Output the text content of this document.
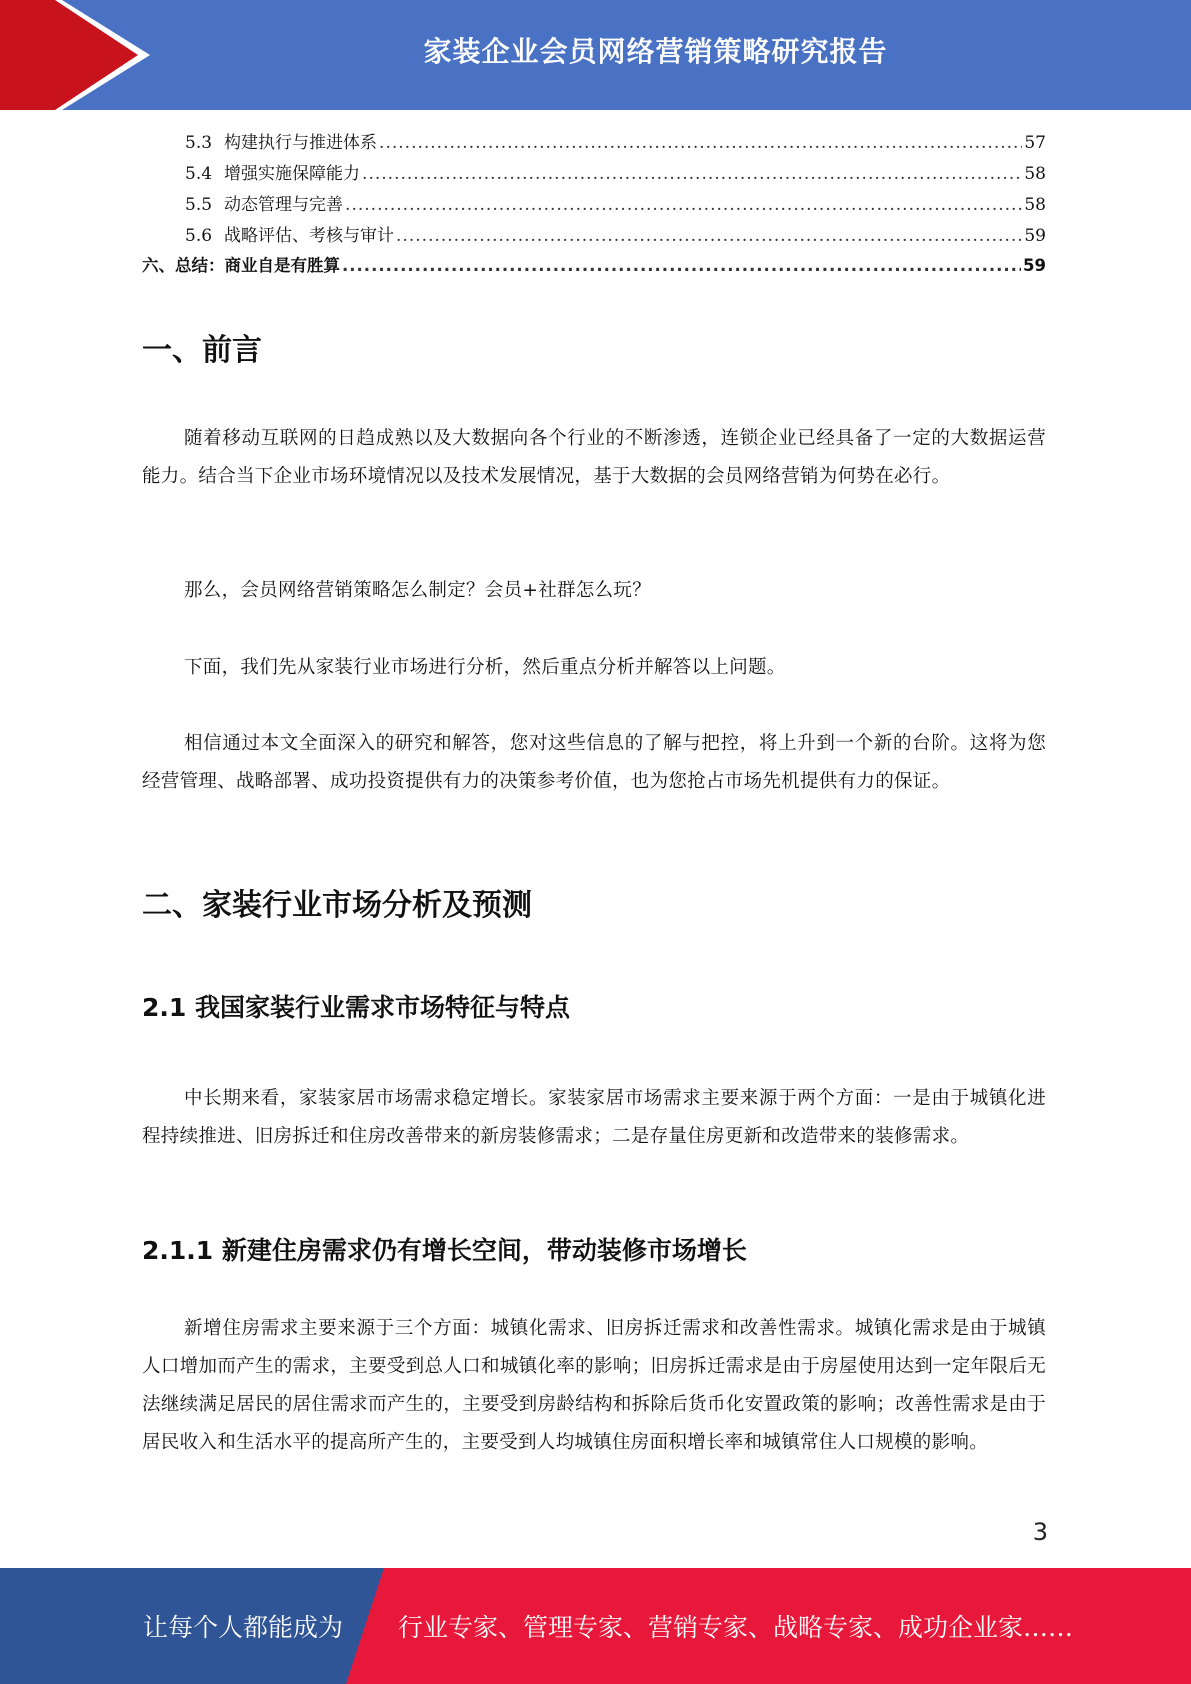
家装企业会员网络营销策略研究报告
5.3 构建执行与推进体系 .....	57
5.4 增强实施保障能力 .....	58
5.5 动态管理与完善 .....	58
5.6 战略评估、考核与审计 .....	59
六、总结：商业自是有胜算 .....	59
一、前言

随着移动互联网的日趋成熟以及大数据向各个行业的不断渗透，连锁企业已经具备了一定的大数据运营能力。结合当下企业市场环境情况以及技术发展情况，基于大数据的会员网络营销为何势在必行。

那么，会员网络营销策略怎么制定？会员+社群怎么玩？

下面，我们先从家装行业市场进行分析，然后重点分析并解答以上问题。

相信通过本文全面深入的研究和解答，您对这些信息的了解与把控，将上升到一个新的台阶。这将为您经营管理、战略部署、成功投资提供有力的决策参考价值，也为您抢占市场先机提供有力的保证。

二、家装行业市场分析及预测
2.1 我国家装行业需求市场特征与特点

中长期来看，家装家居市场需求稳定增长。家装家居市场需求主要来源于两个方面：一是由于城镇化进程持续推进、旧房拆迁和住房改善带来的新房装修需求；二是存量住房更新和改造带来的装修需求。

2.1.1 新建住房需求仍有增长空间，带动装修市场增长

新增住房需求主要来源于三个方面：城镇化需求、旧房拆迁需求和改善性需求。城镇化需求是由于城镇人口增加而产生的需求，主要受到总人口和城镇化率的影响；旧房拆迁需求是由于房屋使用达到一定年限后无法继续满足居民的居住需求而产生的，主要受到房龄结构和拆除后货币化安置政策的影响；改善性需求是由于居民收入和生活水平的提高所产生的，主要受到人均城镇住房面积增长率和城镇常住人口规模的影响。

3
让每个人都能成为 行业专家、管理专家、营销专家、战略专家、成功企业家……
